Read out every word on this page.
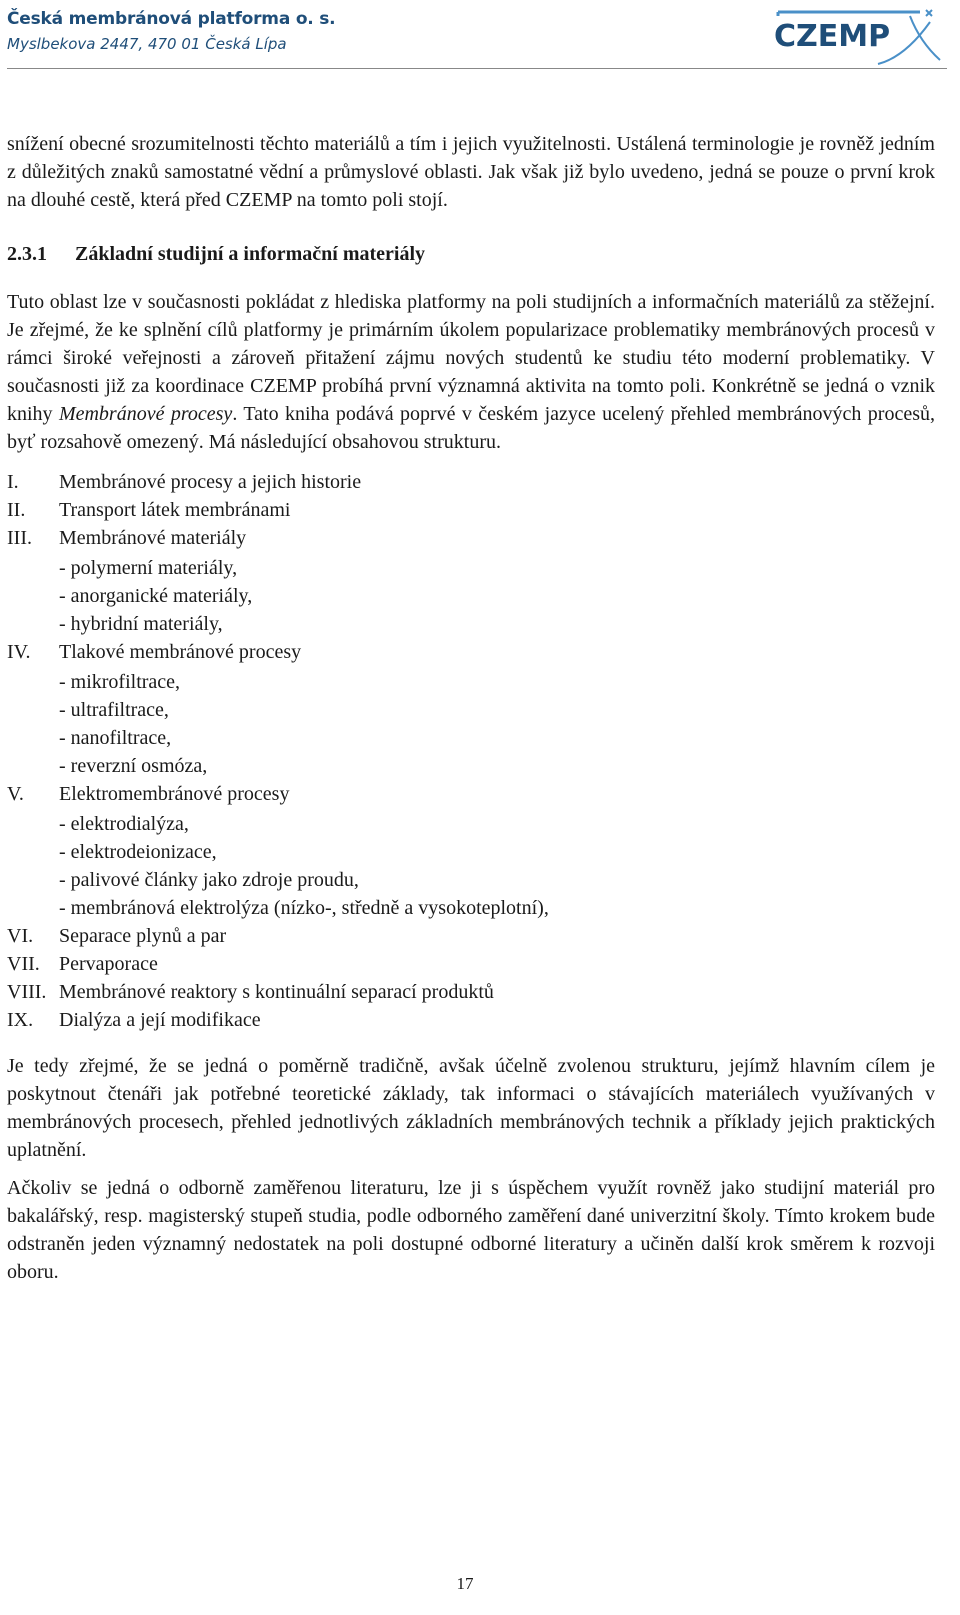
Česká membránová platforma o. s.
Myslbekova 2447, 470 01 Česká Lípa	CZEMP

snížení obecné srozumitelnosti těchto materiálů a tím i jejich využitelnosti. Ustálená terminologie je rovněž jedním z důležitých znaků samostatné vědní a průmyslové oblasti. Jak však již bylo uvedeno, jedná se pouze o první krok na dlouhé cestě, která před CZEMP na tomto poli stojí.

2.3.1 Základní studijní a informační materiály

Tuto oblast lze v současnosti pokládat z hlediska platformy na poli studijních a informačních materiálů za stěžejní. Je zřejmé, že ke splnění cílů platformy je primárním úkolem popularizace problematiky membránových procesů v rámci široké veřejnosti a zároveň přitažení zájmu nových studentů ke studiu této moderní problematiky. V současnosti již za koordinace CZEMP probíhá první významná aktivita na tomto poli. Konkrétně se jedná o vznik knihy Membránové procesy. Tato kniha podává poprvé v českém jazyce ucelený přehled membránových procesů, byť rozsahově omezený. Má následující obsahovou strukturu.

I.	Membránové procesy a jejich historie
II.	Transport látek membránami
III.	Membránové materiály
- polymerní materiály,
- anorganické materiály,
- hybridní materiály,
IV.	Tlakové membránové procesy
- mikrofiltrace,
- ultrafiltrace,
- nanofiltrace,
- reverzní osmóza,
V.	Elektromembránové procesy
- elektrodialýza,
- elektrodeionizace,
- palivové články jako zdroje proudu,
- membránová elektrolýza (nízko-, středně a vysokoteplotní),
VI.	Separace plynů a par
VII. Pervaporace
VIII. Membránové reaktory s kontinuální separací produktů
IX.	Dialýza a její modifikace

Je tedy zřejmé, že se jedná o poměrně tradičně, avšak účelně zvolenou strukturu, jejímž hlavním cílem je poskytnout čtenáři jak potřebné teoretické základy, tak informaci o stávajících materiálech využívaných v membránových procesech, přehled jednotlivých základních membránových technik a příklady jejich praktických uplatnění.

Ačkoliv se jedná o odborně zaměřenou literaturu, lze ji s úspěchem využít rovněž jako studijní materiál pro bakalářský, resp. magisterský stupeň studia, podle odborného zaměření dané univerzitní školy. Tímto krokem bude odstraněn jeden významný nedostatek na poli dostupné odborné literatury a učiněn další krok směrem k rozvoji oboru.

17
